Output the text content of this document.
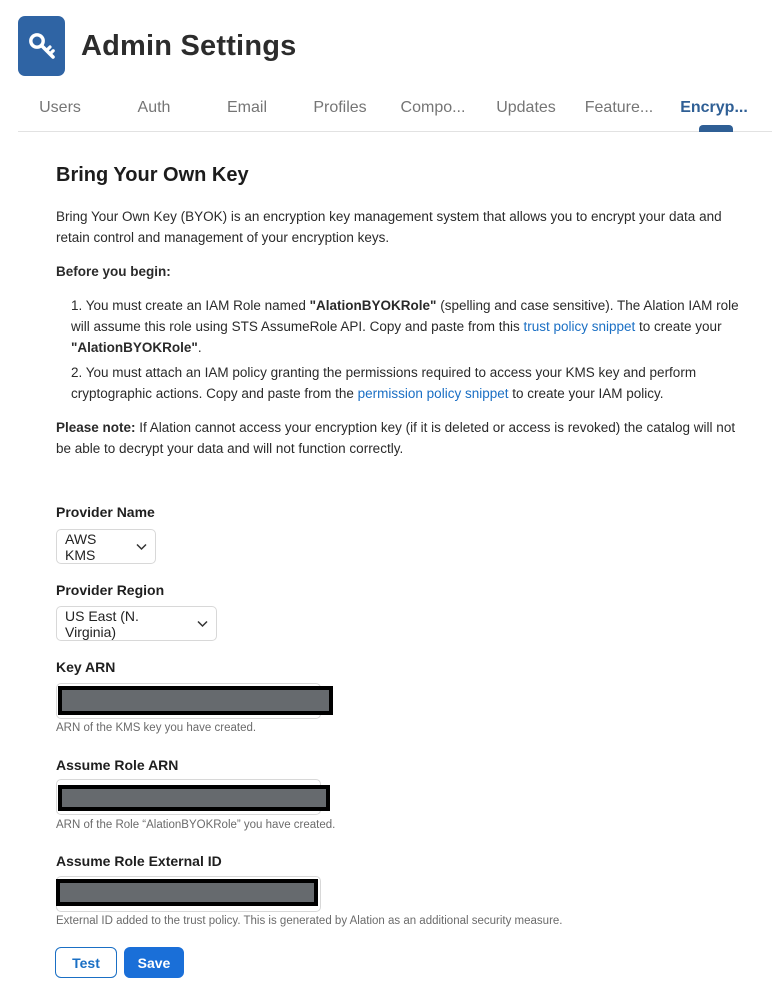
Admin Settings
Users	Auth	Email	Profiles	Compo...	Updates	Feature...	Encryp...
Bring Your Own Key
Bring Your Own Key (BYOK) is an encryption key management system that allows you to encrypt your data and retain control and management of your encryption keys.
Before you begin:
1. You must create an IAM Role named "AlationBYOKRole" (spelling and case sensitive). The Alation IAM role will assume this role using STS AssumeRole API. Copy and paste from this trust policy snippet to create your "AlationBYOKRole".
2. You must attach an IAM policy granting the permissions required to access your KMS key and perform cryptographic actions. Copy and paste from the permission policy snippet to create your IAM policy.
Please note: If Alation cannot access your encryption key (if it is deleted or access is revoked) the catalog will not be able to decrypt your data and will not function correctly.
Provider Name
AWS KMS
Provider Region
US East (N. Virginia)
Key ARN
ARN of the KMS key you have created.
Assume Role ARN
ARN of the Role “AlationBYOKRole” you have created.
Assume Role External ID
External ID added to the trust policy. This is generated by Alation as an additional security measure.
Test	Save
